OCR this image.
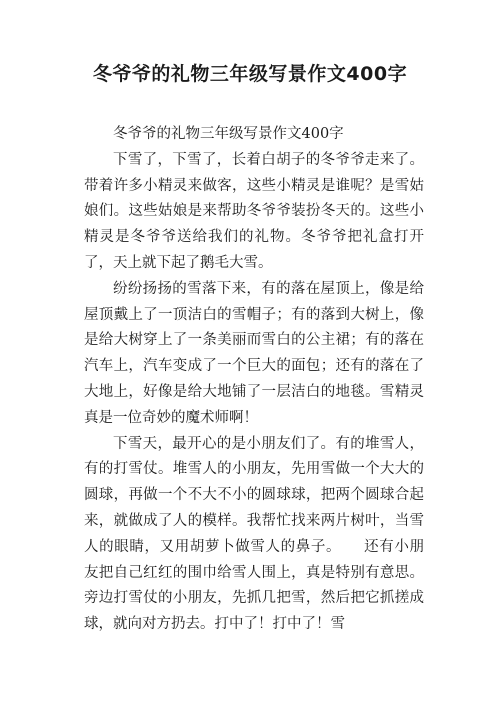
冬爷爷的礼物三年级写景作文400字

冬爷爷的礼物三年级写景作文400字

下雪了，下雪了，长着白胡子的冬爷爷走来了。带着许多小精灵来做客，这些小精灵是谁呢？是雪姑娘们。这些姑娘是来帮助冬爷爷装扮冬天的。这些小精灵是冬爷爷送给我们的礼物。冬爷爷把礼盒打开了，天上就下起了鹅毛大雪。

纷纷扬扬的雪落下来，有的落在屋顶上，像是给屋顶戴上了一顶洁白的雪帽子；有的落到大树上，像是给大树穿上了一条美丽而雪白的公主裙；有的落在汽车上，汽车变成了一个巨大的面包；还有的落在了大地上，好像是给大地铺了一层洁白的地毯。雪精灵真是一位奇妙的魔术师啊！

下雪天，最开心的是小朋友们了。有的堆雪人，有的打雪仗。堆雪人的小朋友，先用雪做一个大大的圆球，再做一个不大不小的圆球球，把两个圆球合起来，就做成了人的模样。我帮忙找来两片树叶，当雪人的眼睛，又用胡萝卜做雪人的鼻子。　　还有小朋友把自己红红的围巾给雪人围上，真是特别有意思。旁边打雪仗的小朋友，先抓几把雪，然后把它抓搓成球，就向对方扔去。打中了！打中了！雪
